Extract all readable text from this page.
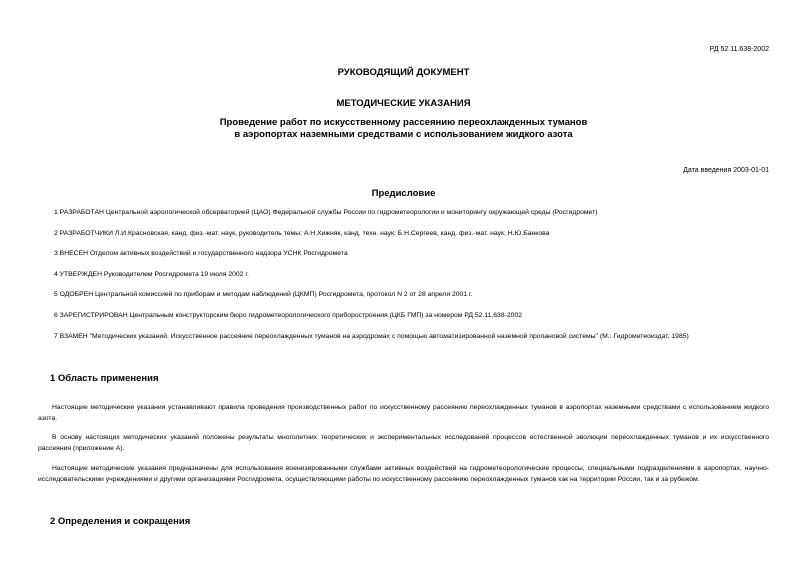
РД 52.11.638-2002
РУКОВОДЯЩИЙ ДОКУМЕНТ
МЕТОДИЧЕСКИЕ УКАЗАНИЯ
Проведение работ по искусственному рассеянию переохлажденных туманов
в аэропортах наземными средствами с использованием жидкого азота
Дата введения 2003-01-01
Предисловие
1 РАЗРАБОТАН Центральной аэрологической обсерваторией (ЦАО) Федеральной службы России по гидрометеорологии и мониторингу окружающей среды (Росгидромет)
2 РАЗРАБОТЧИКИ Л.И.Красновская, канд. физ.-мат. наук, руководитель темы; А.Н.Хижняк, канд. техн. наук; Б.Н.Сергеев, канд. физ.-мат. наук; Н.Ю.Банкова
3 ВНЕСЕН Отделом активных воздействий и государственного надзора УСНК Росгидромета
4 УТВЕРЖДЕН Руководителем Росгидромета 19 июля 2002 г.
5 ОДОБРЕН Центральной комиссией по приборам и методам наблюдений (ЦКМП) Росгидромета, протокол N 2 от 28 апреля 2001 г.
6 ЗАРЕГИСТРИРОВАН Центральным конструкторским бюро гидрометеорологического приборостроения (ЦКБ ГМП) за номером РД 52.11.638-2002
7 ВЗАМЕН "Методических указаний. Искусственное рассеяние переохлажденных туманов на аэродромах с помощью автоматизированной наземной пропановой системы" (М.: Гидрометеоиздат, 1985)
1 Область применения
Настоящие методические указания устанавливают правила проведения производственных работ по искусственному рассеянию переохлажденных туманов в аэропортах наземными средствами с использованием жидкого азота.
В основу настоящих методических указаний положены результаты многолетних теоретических и экспериментальных исследований процессов естественной эволюции переохлажденных туманов и их искусственного рассеяния (приложение А).
Настоящие методические указания предназначены для использования военизированными службами активных воздействий на гидрометеорологические процессы, специальными подразделениями в аэропортах, научно-исследовательскими учреждениями и другими организациями Росгидромета, осуществляющими работы по искусственному рассеянию переохлажденных туманов как на территории России, так и за рубежом.
2 Определения и сокращения
